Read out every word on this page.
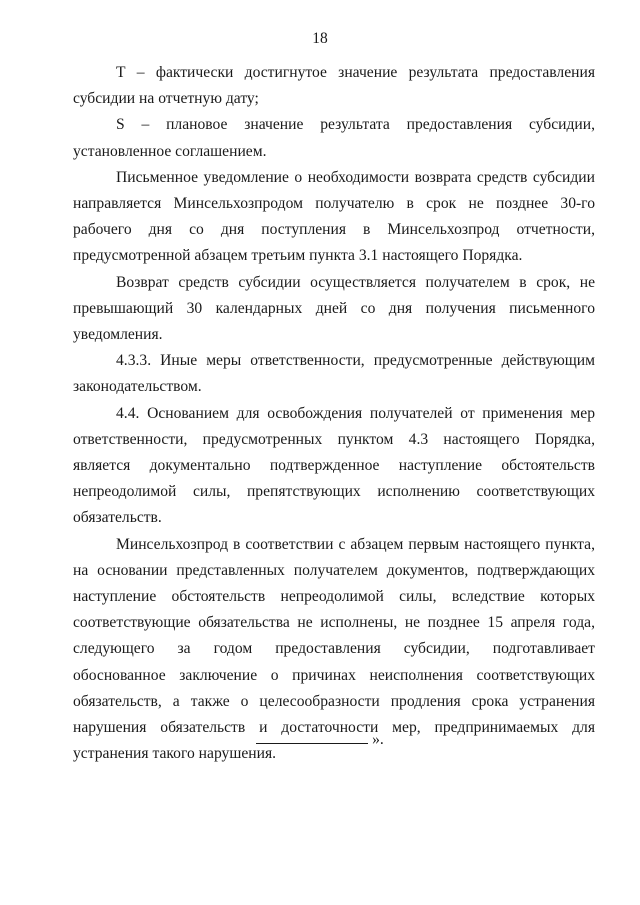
18

Т – фактически достигнутое значение результата предоставления субсидии на отчетную дату;

S – плановое значение результата предоставления субсидии, установленное соглашением.

Письменное уведомление о необходимости возврата средств субсидии направляется Минсельхозпродом получателю в срок не позднее 30-го рабочего дня со дня поступления в Минсельхозпрод отчетности, предусмотренной абзацем третьим пункта 3.1 настоящего Порядка.

Возврат средств субсидии осуществляется получателем в срок, не превышающий 30 календарных дней со дня получения письменного уведомления.

4.3.3. Иные меры ответственности, предусмотренные действующим законодательством.

4.4. Основанием для освобождения получателей от применения мер ответственности, предусмотренных пунктом 4.3 настоящего Порядка, является документально подтвержденное наступление обстоятельств непреодолимой силы, препятствующих исполнению соответствующих обязательств.

Минсельхозпрод в соответствии с абзацем первым настоящего пункта, на основании представленных получателем документов, подтверждающих наступление обстоятельств непреодолимой силы, вследствие которых соответствующие обязательства не исполнены, не позднее 15 апреля года, следующего за годом предоставления субсидии, подготавливает обоснованное заключение о причинах неисполнения соответствующих обязательств, а также о целесообразности продления срока устранения нарушения обязательств и достаточности мер, предпринимаемых для устранения такого нарушения.

».
